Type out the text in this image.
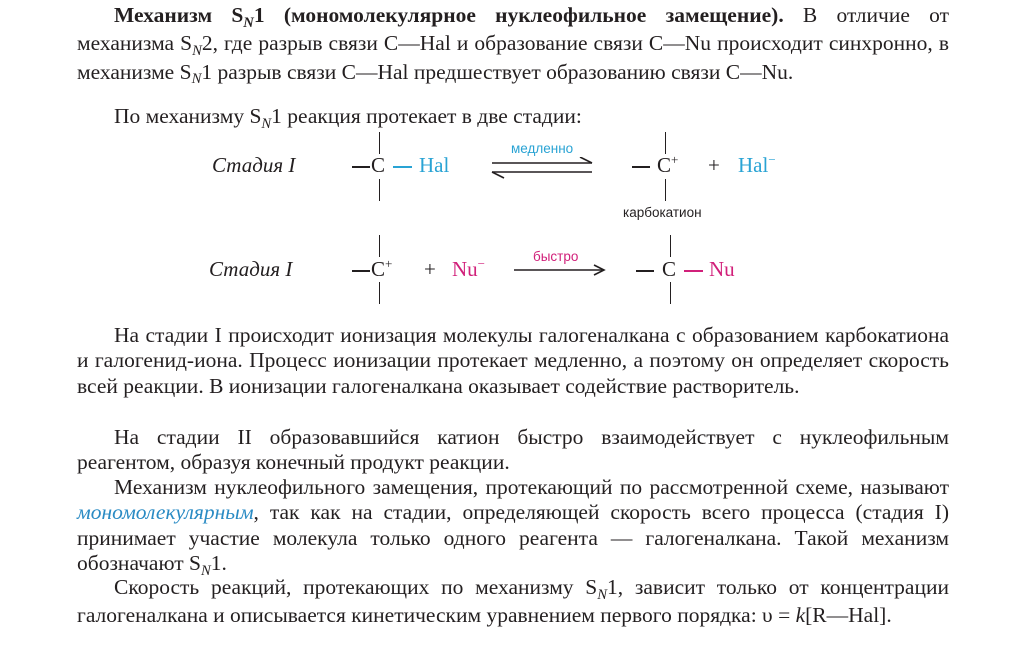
Механизм $S_N1$ (мономолекулярное нуклеофильное замещение). В отличие от механизма $S_N2$, где разрыв связи C—Hal и образование связи C—Nu происходит синхронно, в механизме $S_N1$ разрыв связи C—Hal предшествует образованию связи C—Nu.

По механизму $S_N1$ реакция протекает в две стадии:

Стадия I	C Hal
медленно
C+ + Hal−
карбокатион
Стадия I	C+ + Nu−	быстро
C Nu

На стадии I происходит ионизация молекулы галогеналкана с образованием карбокатиона и галогенид-иона. Процесс ионизации протекает медленно, а поэтому он определяет скорость всей реакции. В ионизации галогеналкана оказывает содействие растворитель.

На стадии II образовавшийся катион быстро взаимодействует с нуклеофильным реагентом, образуя конечный продукт реакции.

Механизм нуклеофильного замещения, протекающий по рассмотренной схеме, называют мономолекулярным, так как на стадии, определяющей скорость всего процесса (стадия I) принимает участие молекула только одного реагента — галогеналкана. Такой механизм обозначают $S_N1$.

Скорость реакций, протекающих по механизму $S_N1$, зависит только от концентрации галогеналкана и описывается кинетическим уравнением первого порядка: υ = k[R—Hal].
